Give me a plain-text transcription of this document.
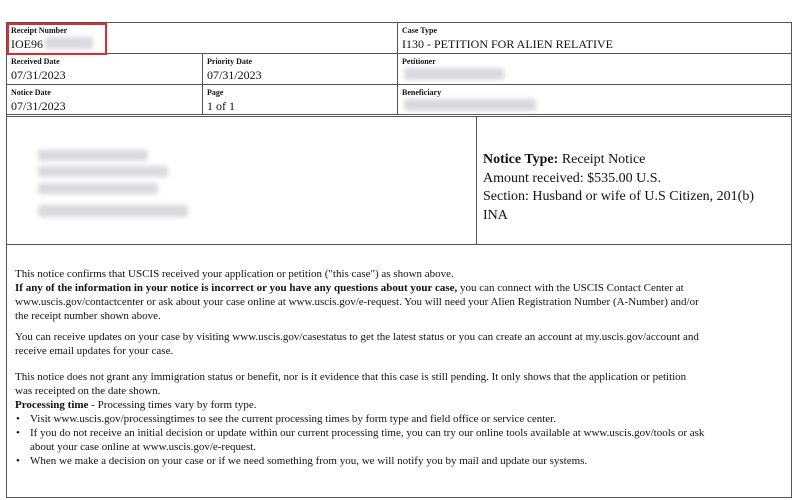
Receipt Number
IOE96
Case Type
I130 - PETITION FOR ALIEN RELATIVE
Received Date
07/31/2023
Priority Date
07/31/2023
Petitioner
Notice Date
07/31/2023
Page
1 of 1
Beneficiary
Notice Type: Receipt Notice
Amount received: $535.00 U.S.
Section: Husband or wife of U.S Citizen, 201(b)
INA

This notice confirms that USCIS received your application or petition ("this case") as shown above.

If any of the information in your notice is incorrect or you have any questions about your case, you can connect with the USCIS Contact Center at

www.uscis.gov/contactcenter or ask about your case online at www.uscis.gov/e-request. You will need your Alien Registration Number (A-Number) and/or

the receipt number shown above.

You can receive updates on your case by visiting www.uscis.gov/casestatus to get the latest status or you can create an account at my.uscis.gov/account and

receive email updates for your case.

This notice does not grant any immigration status or benefit, nor is it evidence that this case is still pending. It only shows that the application or petition

was receipted on the date shown.

Processing time - Processing times vary by form type.

• Visit www.uscis.gov/processingtimes to see the current processing times by form type and field office or service center.
• If you do not receive an initial decision or update within our current processing time, you can try our online tools available at www.uscis.gov/tools or ask
about your case online at www.uscis.gov/e-request.
• When we make a decision on your case or if we need something from you, we will notify you by mail and update our systems.
